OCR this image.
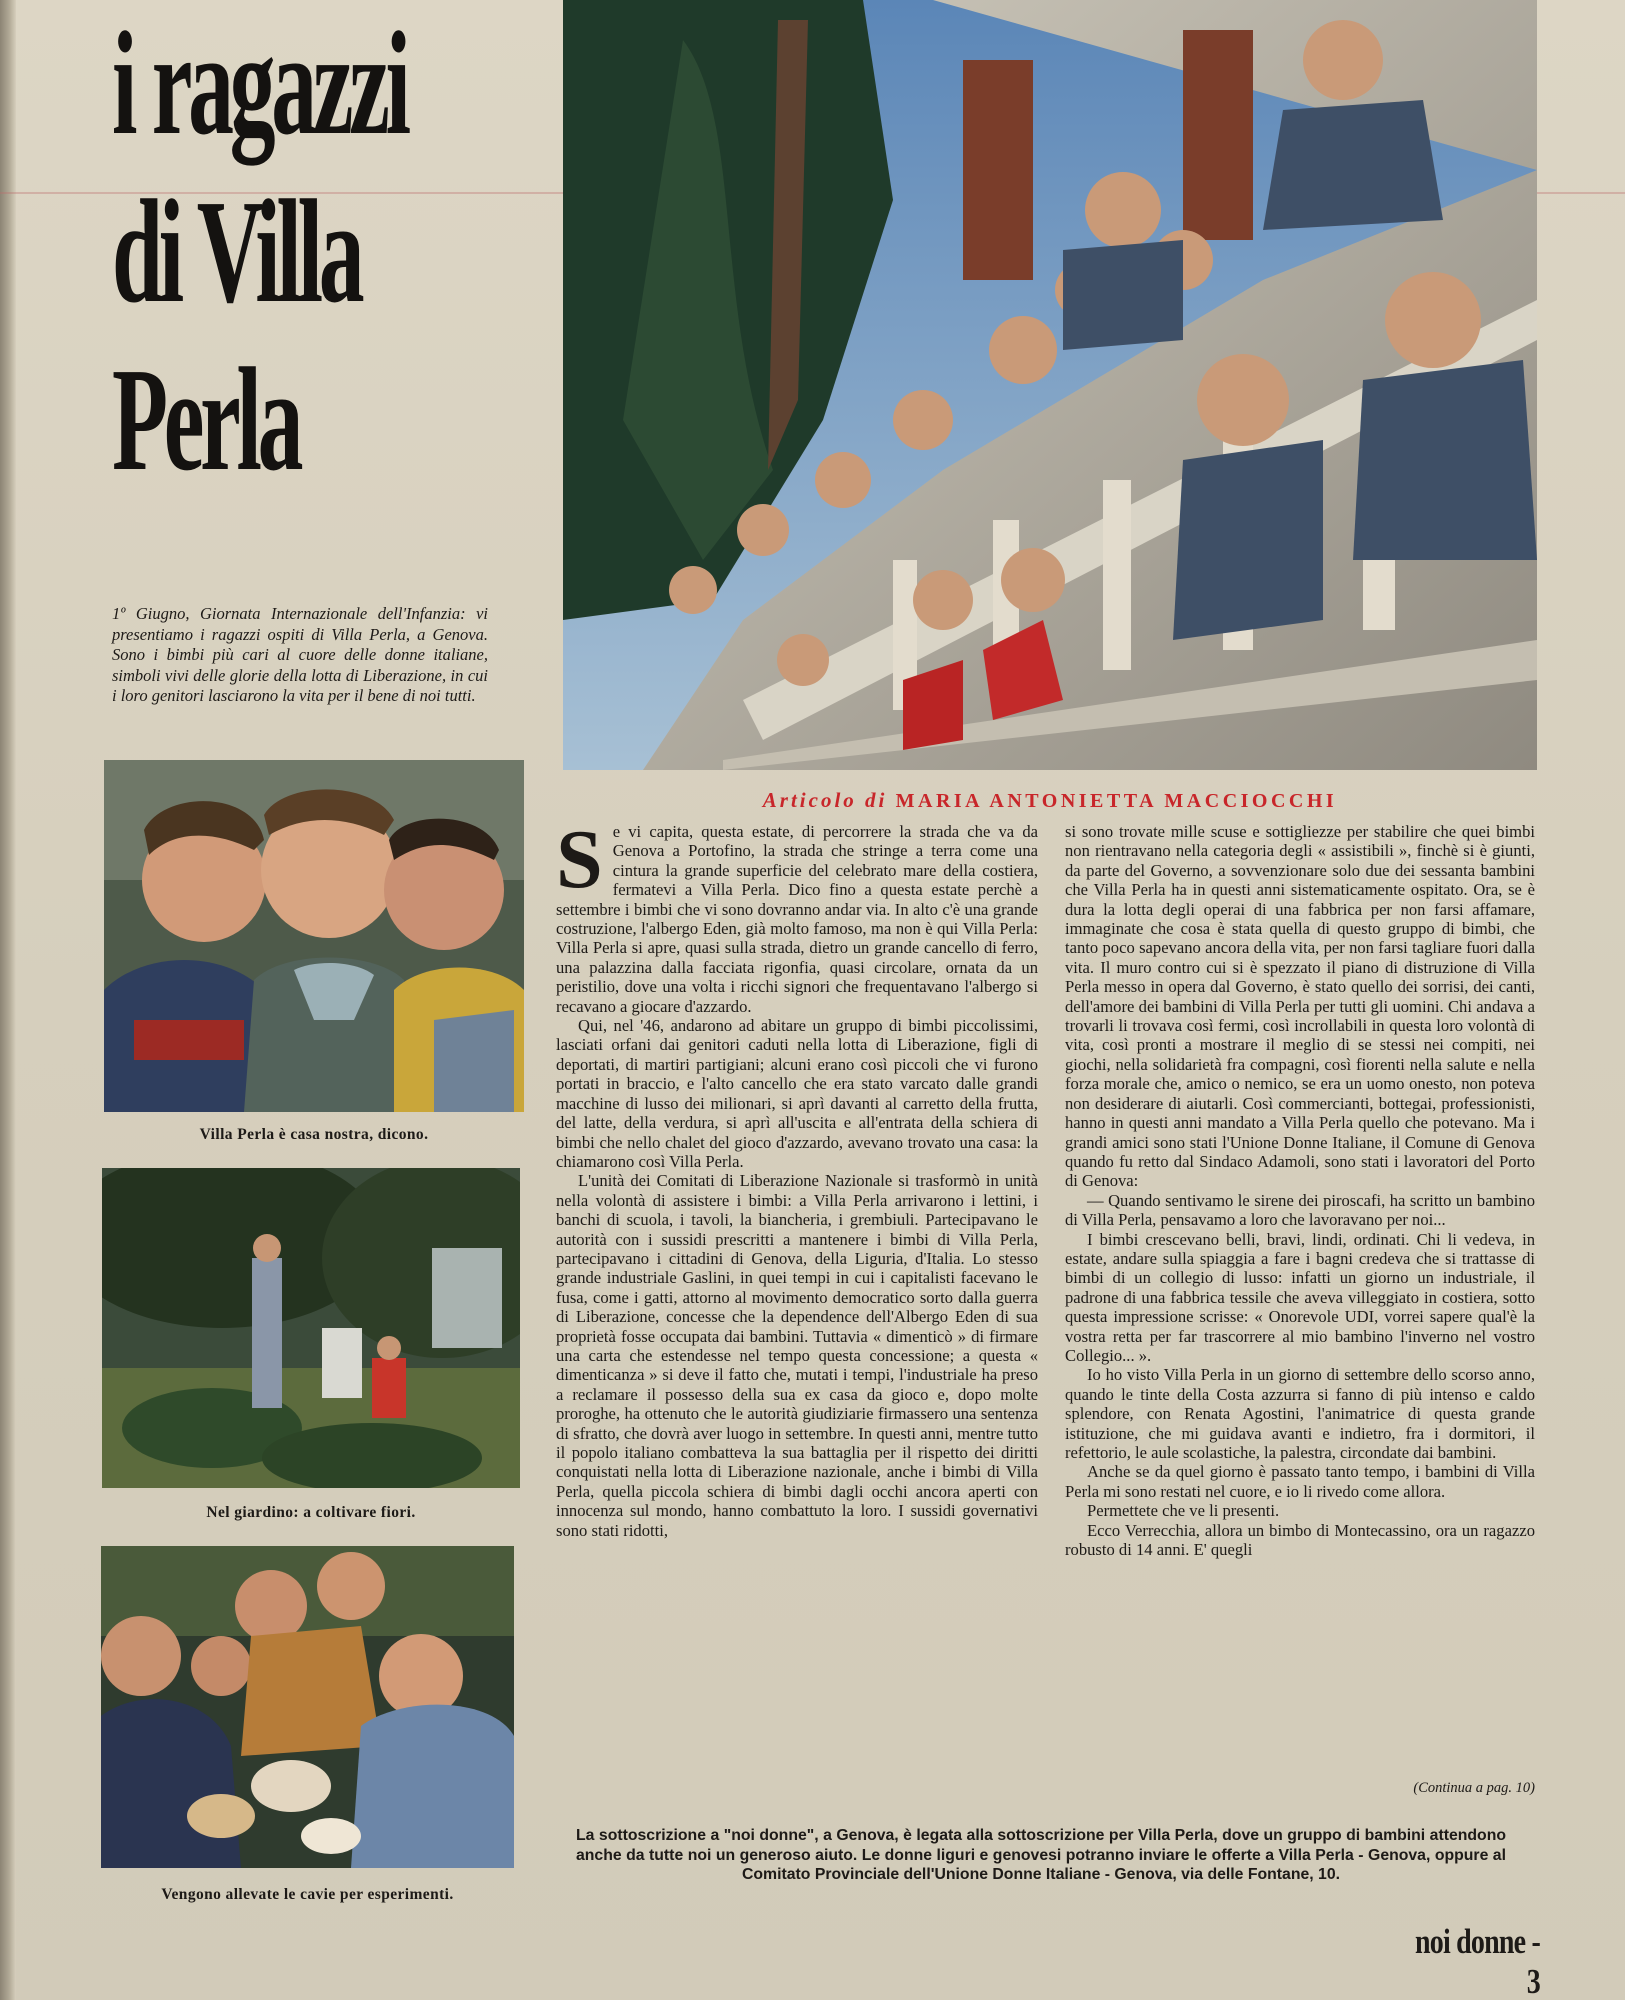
i ragazzi
di Villa
Perla

1º Giugno, Giornata Internazionale dell'Infanzia: vi presentiamo i ragazzi ospiti di Villa Perla, a Genova. Sono i bimbi più cari al cuore delle donne italiane, simboli vivi delle glorie della lotta di Liberazione, in cui i loro genitori lasciarono la vita per il bene di noi tutti.

Villa Perla è casa nostra, dicono.
Nel giardino: a coltivare fiori.
Vengono allevate le cavie per esperimenti.
Articolo di MARIA ANTONIETTA MACCIOCCHI
S e vi capita, questa estate, di percorrere la strada che va da Genova a Portofino, la strada che stringe a terra come una cintura la grande superficie del celebrato mare della costiera, fermatevi a Villa Perla. Dico fino a questa estate perchè a settembre i bimbi che vi sono dovranno andar via. In alto c'è una grande costruzione, l'albergo Eden, già molto famoso, ma non è qui Villa Perla: Villa Perla si apre, quasi sulla strada, dietro un grande cancello di ferro, una palazzina dalla facciata rigonfia, quasi circolare, ornata da un peristilio, dove una volta i ricchi signori che frequentavano l'albergo si recavano a giocare d'azzardo.

Qui, nel '46, andarono ad abitare un gruppo di bimbi piccolissimi, lasciati orfani dai genitori caduti nella lotta di Liberazione, figli di deportati, di martiri partigiani; alcuni erano così piccoli che vi furono portati in braccio, e l'alto cancello che era stato varcato dalle grandi macchine di lusso dei milionari, si aprì davanti al carretto della frutta, del latte, della verdura, si aprì all'uscita e all'entrata della schiera di bimbi che nello chalet del gioco d'azzardo, avevano trovato una casa: la chiamarono così Villa Perla.

L'unità dei Comitati di Liberazione Nazionale si trasformò in unità nella volontà di assistere i bimbi: a Villa Perla arrivarono i lettini, i banchi di scuola, i tavoli, la biancheria, i grembiuli. Partecipavano le autorità con i sussidi prescritti a mantenere i bimbi di Villa Perla, partecipavano i cittadini di Genova, della Liguria, d'Italia. Lo stesso grande industriale Gaslini, in quei tempi in cui i capitalisti facevano le fusa, come i gatti, attorno al movimento democratico sorto dalla guerra di Liberazione, concesse che la dependence dell'Albergo Eden di sua proprietà fosse occupata dai bambini. Tuttavia « dimenticò » di firmare una carta che estendesse nel tempo questa concessione; a questa « dimenticanza » si deve il fatto che, mutati i tempi, l'industriale ha preso a reclamare il possesso della sua ex casa da gioco e, dopo molte proroghe, ha ottenuto che le autorità giudiziarie firmassero una sentenza di sfratto, che dovrà aver luogo in settembre. In questi anni, mentre tutto il popolo italiano combatteva la sua battaglia per il rispetto dei diritti conquistati nella lotta di Liberazione nazionale, anche i bimbi di Villa Perla, quella piccola schiera di bimbi dagli occhi ancora aperti con innocenza sul mondo, hanno combattuto la loro. I sussidi governativi sono stati ridotti,

si sono trovate mille scuse e sottigliezze per stabilire che quei bimbi non rientravano nella categoria degli « assistibili », finchè si è giunti, da parte del Governo, a sovvenzionare solo due dei sessanta bambini che Villa Perla ha in questi anni sistematicamente ospitato. Ora, se è dura la lotta degli operai di una fabbrica per non farsi affamare, immaginate che cosa è stata quella di questo gruppo di bimbi, che tanto poco sapevano ancora della vita, per non farsi tagliare fuori dalla vita. Il muro contro cui si è spezzato il piano di distruzione di Villa Perla messo in opera dal Governo, è stato quello dei sorrisi, dei canti, dell'amore dei bambini di Villa Perla per tutti gli uomini. Chi andava a trovarli li trovava così fermi, così incrollabili in questa loro volontà di vita, così pronti a mostrare il meglio di se stessi nei compiti, nei giochi, nella solidarietà fra compagni, così fiorenti nella salute e nella forza morale che, amico o nemico, se era un uomo onesto, non poteva non desiderare di aiutarli. Così commercianti, bottegai, professionisti, hanno in questi anni mandato a Villa Perla quello che potevano. Ma i grandi amici sono stati l'Unione Donne Italiane, il Comune di Genova quando fu retto dal Sindaco Adamoli, sono stati i lavoratori del Porto di Genova:

— Quando sentivamo le sirene dei piroscafi, ha scritto un bambino di Villa Perla, pensavamo a loro che lavoravano per noi...

I bimbi crescevano belli, bravi, lindi, ordinati. Chi li vedeva, in estate, andare sulla spiaggia a fare i bagni credeva che si trattasse di bimbi di un collegio di lusso: infatti un giorno un industriale, il padrone di una fabbrica tessile che aveva villeggiato in costiera, sotto questa impressione scrisse: « Onorevole UDI, vorrei sapere qual'è la vostra retta per far trascorrere al mio bambino l'inverno nel vostro Collegio... ».

Io ho visto Villa Perla in un giorno di settembre dello scorso anno, quando le tinte della Costa azzurra si fanno di più intenso e caldo splendore, con Renata Agostini, l'animatrice di questa grande istituzione, che mi guidava avanti e indietro, fra i dormitori, il refettorio, le aule scolastiche, la palestra, circondate dai bambini.

Anche se da quel giorno è passato tanto tempo, i bambini di Villa Perla mi sono restati nel cuore, e io li rivedo come allora.

Permettete che ve li presenti.

Ecco Verrecchia, allora un bimbo di Montecassino, ora un ragazzo robusto di 14 anni. E' quegli

(Continua a pag. 10)
La sottoscrizione a "noi donne", a Genova, è legata alla sottoscrizione per Villa Perla, dove un gruppo di bambini attendono anche da tutte noi un generoso aiuto. Le donne liguri e genovesi potranno inviare le offerte a Villa Perla - Genova, oppure al Comitato Provinciale dell'Unione Donne Italiane - Genova, via delle Fontane, 10.
noi donne - 3
